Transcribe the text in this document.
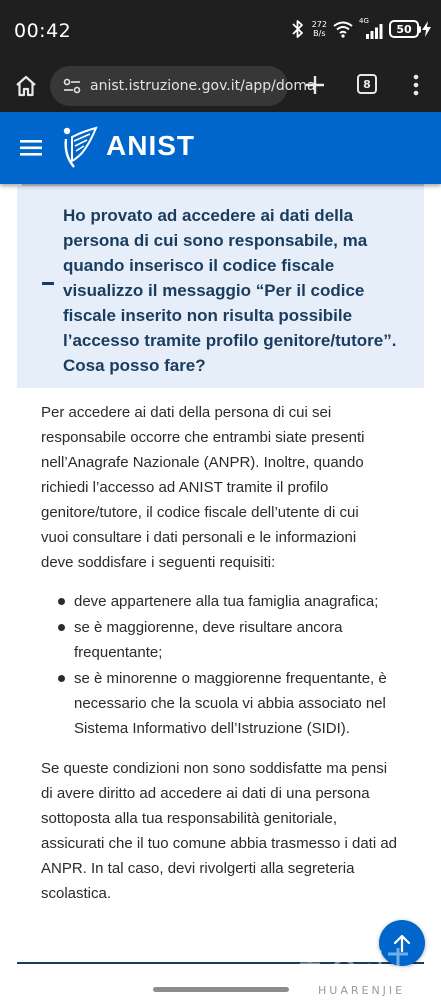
00:42	272
B/s
4G
50
anist.istruzione.gov.it/app/doma	8
ANIST

Ho provato ad accedere ai dati della persona di cui sono responsabile, ma quando inserisco il codice fiscale visualizzo il messaggio “Per il codice fiscale inserito non risulta possibile l’accesso tramite profilo genitore/tutore”. Cosa posso fare?

Per accedere ai dati della persona di cui sei responsabile occorre che entrambi siate presenti nell’Anagrafe Nazionale (ANPR). Inoltre, quando richiedi l’accesso ad ANIST tramite il profilo genitore/tutore, il codice fiscale dell’utente di cui vuoi consultare i dati personali e le informazioni deve soddisfare i seguenti requisiti:

deve appartenere alla tua famiglia anagrafica;
se è maggiorenne, deve risultare ancora frequentante;
se è minorenne o maggiorenne frequentante, è necessario che la scuola vi abbia associato nel Sistema Informativo dell’Istruzione (SIDI).

Se queste condizioni non sono soddisfatte ma pensi di avere diritto ad accedere ai dati di una persona sottoposta alla tua responsabilità genitoriale, assicurati che il tuo comune abbia trasmesso i dati ad ANPR. In tal caso, devi rivolgerti alla segreteria scolastica.

HUARENJIE
